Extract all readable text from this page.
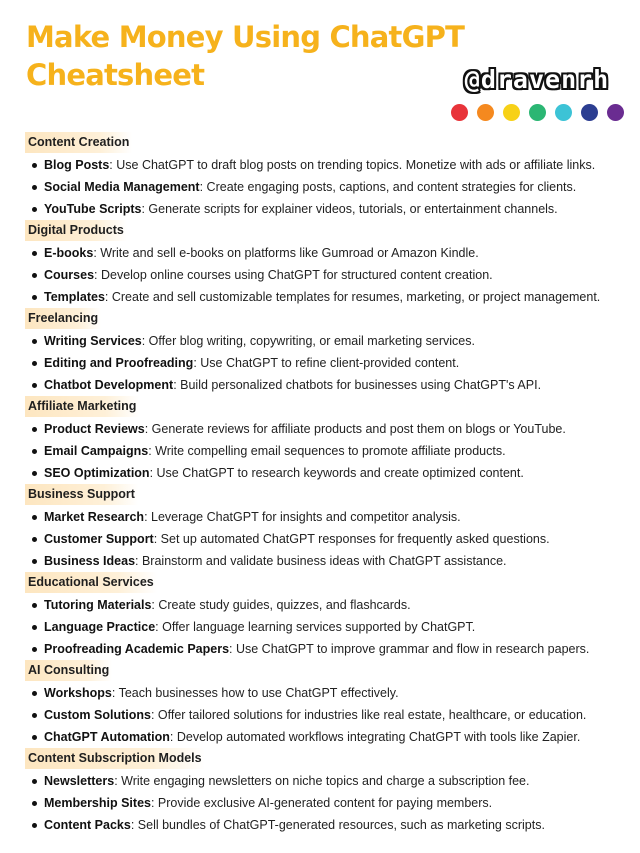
Make Money Using ChatGPT Cheatsheet	@dravenrh
Content Creation
Blog Posts: Use ChatGPT to draft blog posts on trending topics. Monetize with ads or affiliate links.
Social Media Management: Create engaging posts, captions, and content strategies for clients.
YouTube Scripts: Generate scripts for explainer videos, tutorials, or entertainment channels.
Digital Products
E-books: Write and sell e-books on platforms like Gumroad or Amazon Kindle.
Courses: Develop online courses using ChatGPT for structured content creation.
Templates: Create and sell customizable templates for resumes, marketing, or project management.
Freelancing
Writing Services: Offer blog writing, copywriting, or email marketing services.
Editing and Proofreading: Use ChatGPT to refine client-provided content.
Chatbot Development: Build personalized chatbots for businesses using ChatGPT's API.
Affiliate Marketing
Product Reviews: Generate reviews for affiliate products and post them on blogs or YouTube.
Email Campaigns: Write compelling email sequences to promote affiliate products.
SEO Optimization: Use ChatGPT to research keywords and create optimized content.
Business Support
Market Research: Leverage ChatGPT for insights and competitor analysis.
Customer Support: Set up automated ChatGPT responses for frequently asked questions.
Business Ideas: Brainstorm and validate business ideas with ChatGPT assistance.
Educational Services
Tutoring Materials: Create study guides, quizzes, and flashcards.
Language Practice: Offer language learning services supported by ChatGPT.
Proofreading Academic Papers: Use ChatGPT to improve grammar and flow in research papers.
AI Consulting
Workshops: Teach businesses how to use ChatGPT effectively.
Custom Solutions: Offer tailored solutions for industries like real estate, healthcare, or education.
ChatGPT Automation: Develop automated workflows integrating ChatGPT with tools like Zapier.
Content Subscription Models
Newsletters: Write engaging newsletters on niche topics and charge a subscription fee.
Membership Sites: Provide exclusive AI-generated content for paying members.
Content Packs: Sell bundles of ChatGPT-generated resources, such as marketing scripts.
